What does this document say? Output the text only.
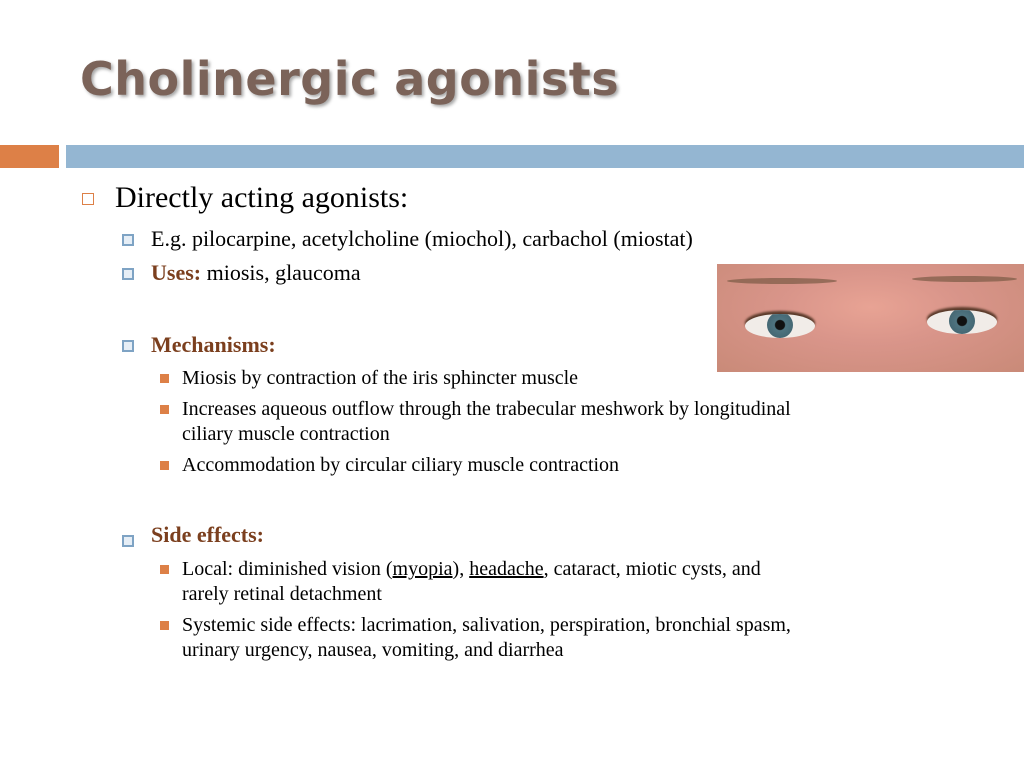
Cholinergic agonists
Directly acting agonists:
E.g. pilocarpine, acetylcholine (miochol), carbachol (miostat)
Uses: miosis, glaucoma
Mechanisms:
Miosis by contraction of the iris sphincter muscle
Increases aqueous outflow through the trabecular meshwork by longitudinal
ciliary muscle contraction
Accommodation by circular ciliary muscle contraction
Side effects:
Local: diminished vision (myopia), headache, cataract, miotic cysts, and
rarely retinal detachment
Systemic side effects: lacrimation, salivation, perspiration, bronchial spasm,
urinary urgency, nausea, vomiting, and diarrhea
